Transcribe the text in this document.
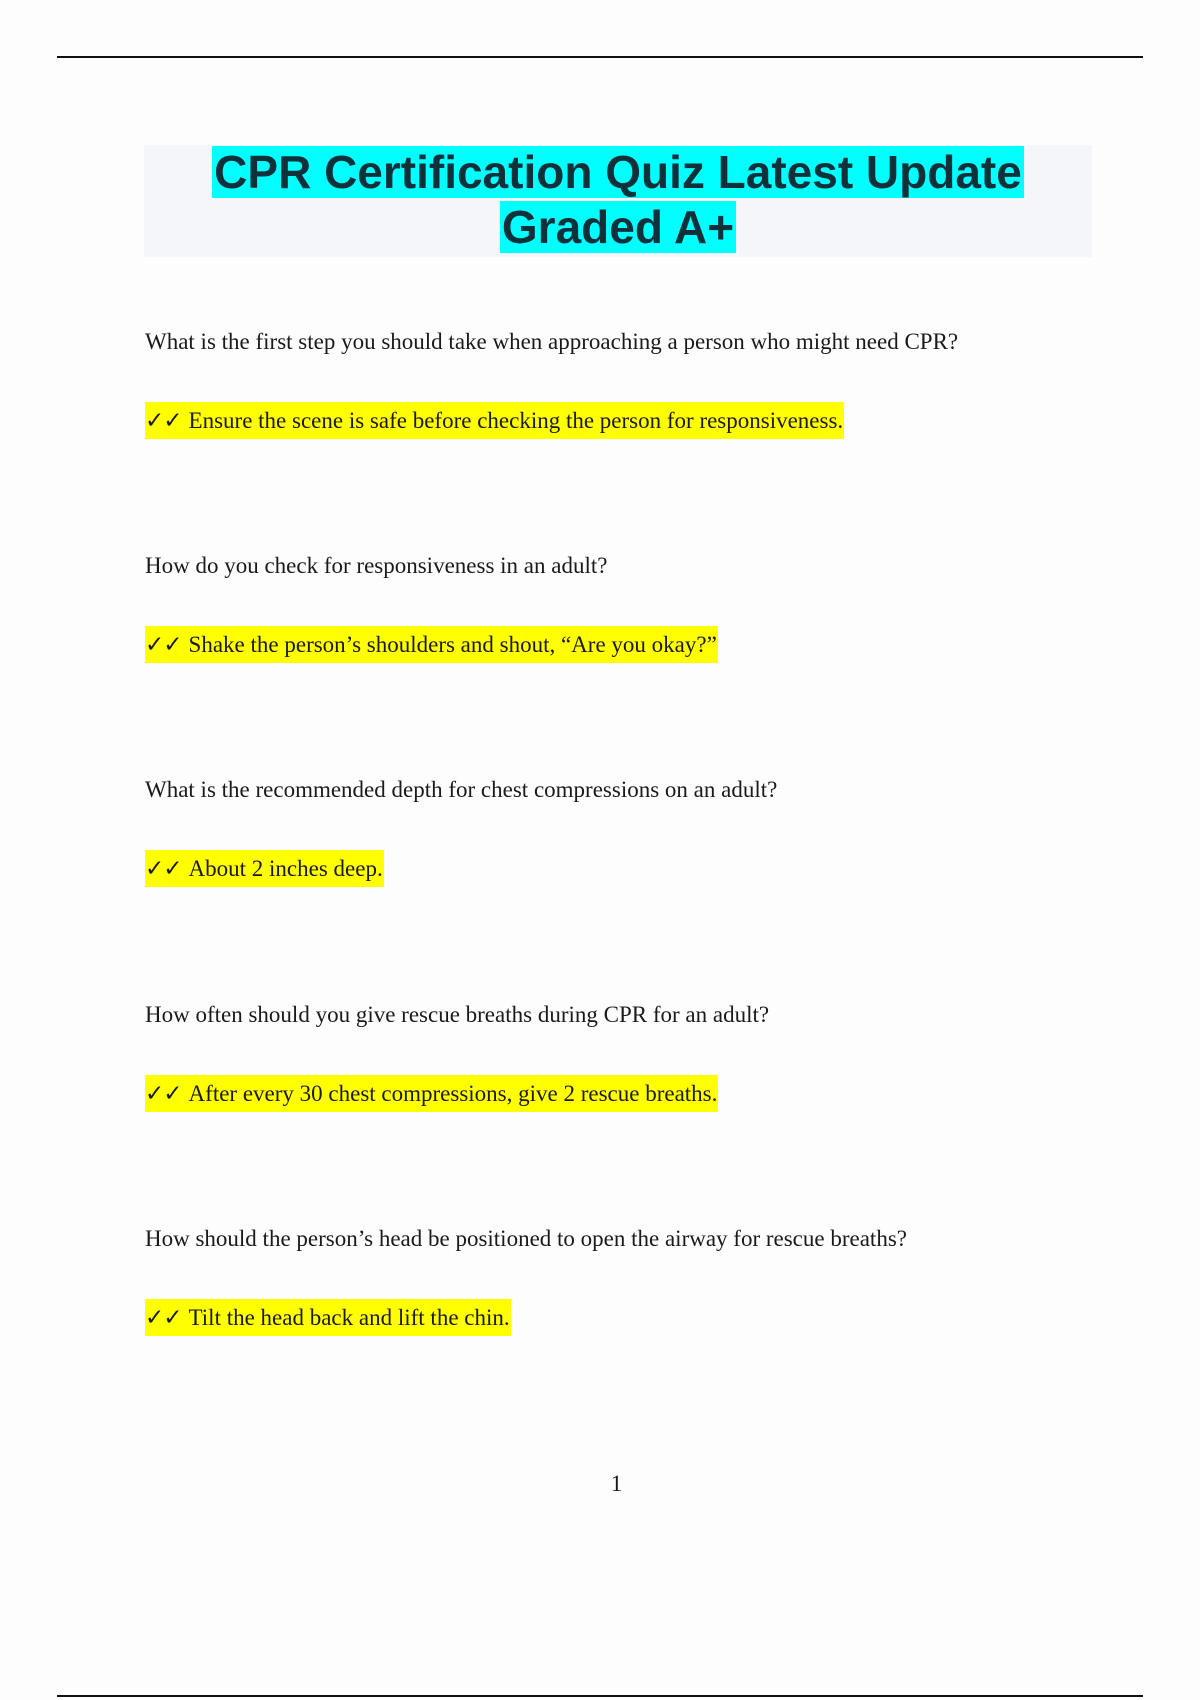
CPR Certification Quiz Latest Update Graded A+
What is the first step you should take when approaching a person who might need CPR?
✓✓ Ensure the scene is safe before checking the person for responsiveness.
How do you check for responsiveness in an adult?
✓✓ Shake the person’s shoulders and shout, “Are you okay?”
What is the recommended depth for chest compressions on an adult?
✓✓ About 2 inches deep.
How often should you give rescue breaths during CPR for an adult?
✓✓ After every 30 chest compressions, give 2 rescue breaths.
How should the person’s head be positioned to open the airway for rescue breaths?
✓✓ Tilt the head back and lift the chin.
1
